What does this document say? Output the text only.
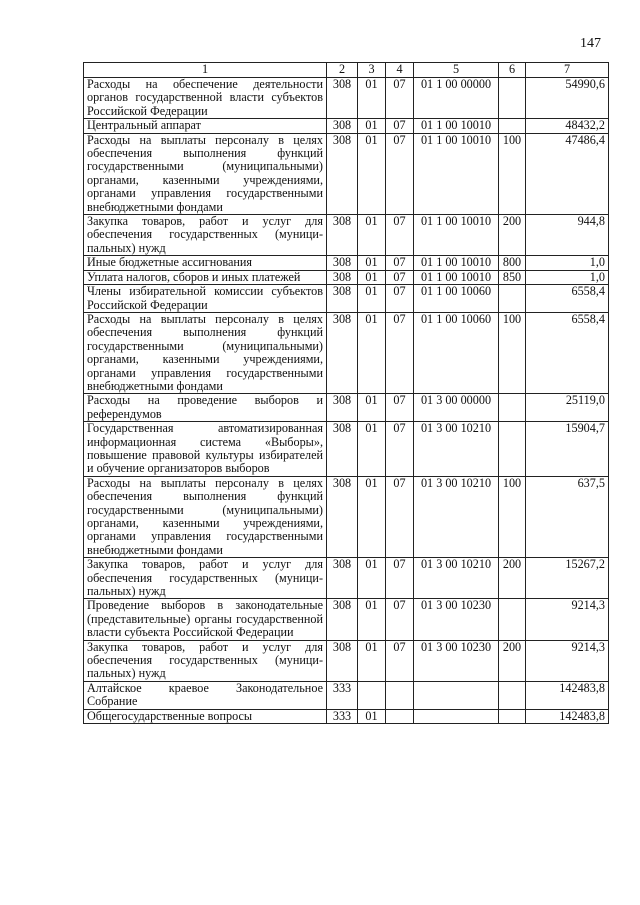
147
1	2	3	4	5	6	7
Расходы на обеспечение деятельности органов государственной власти субъектов Российской Федерации	308	01	07	01 1 00 00000		54990,6
Центральный аппарат	308	01	07	01 1 00 10010		48432,2
Расходы на выплаты персоналу в целях обеспечения выполнения функций государственными (муниципальными) органами, казенными учреждениями, органами управления государственными внебюджетными фондами	308	01	07	01 1 00 10010	100	47486,4
Закупка товаров, работ и услуг для обеспечения государственных (муниципальных) нужд	308	01	07	01 1 00 10010	200	944,8
Иные бюджетные ассигнования	308	01	07	01 1 00 10010	800	1,0
Уплата налогов, сборов и иных платежей	308	01	07	01 1 00 10010	850	1,0
Члены избирательной комиссии субъектов Российской Федерации	308	01	07	01 1 00 10060		6558,4
Расходы на выплаты персоналу в целях обеспечения выполнения функций государственными (муниципальными) органами, казенными учреждениями, органами управления государственными внебюджетными фондами	308	01	07	01 1 00 10060	100	6558,4
Расходы на проведение выборов и референдумов	308	01	07	01 3 00 00000		25119,0
Государственная автоматизированная информационная система «Выборы», повышение правовой культуры избирателей и обучение организаторов выборов	308	01	07	01 3 00 10210		15904,7
Расходы на выплаты персоналу в целях обеспечения выполнения функций государственными (муниципальными) органами, казенными учреждениями, органами управления государственными внебюджетными фондами	308	01	07	01 3 00 10210	100	637,5
Закупка товаров, работ и услуг для обеспечения государственных (муниципальных) нужд	308	01	07	01 3 00 10210	200	15267,2
Проведение выборов в законодательные (представительные) органы государственной власти субъекта Российской Федерации	308	01	07	01 3 00 10230		9214,3
Закупка товаров, работ и услуг для обеспечения государственных (муниципальных) нужд	308	01	07	01 3 00 10230	200	9214,3
Алтайское краевое Законодательное Собрание	333					142483,8
Общегосударственные вопросы	333	01				142483,8
